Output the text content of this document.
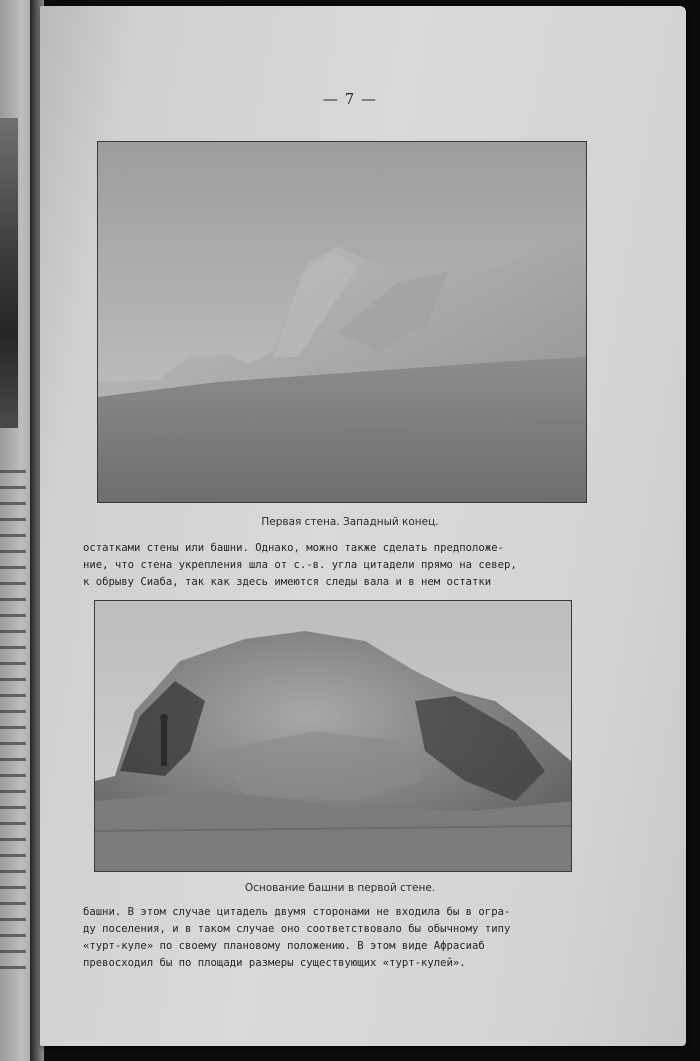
— 7 —
Первая стена. Западный конец.
остатками стены или башни. Однако, можно также сделать предположе-
ние, что стена укрепления шла от с.-в. угла цитадели прямо на север,
к обрыву Сиаба, так как здесь имеются следы вала и в нем остатки
Основание башни в первой стене.
башни. В этом случае цитадель двумя сторонами не входила бы в огра-
ду поселения, и в таком случае оно соответствовало бы обычному типу
«турт-куле» по своему плановому положению. В этом виде Афрасиаб
превосходил бы по площади размеры существующих «турт-кулей».
